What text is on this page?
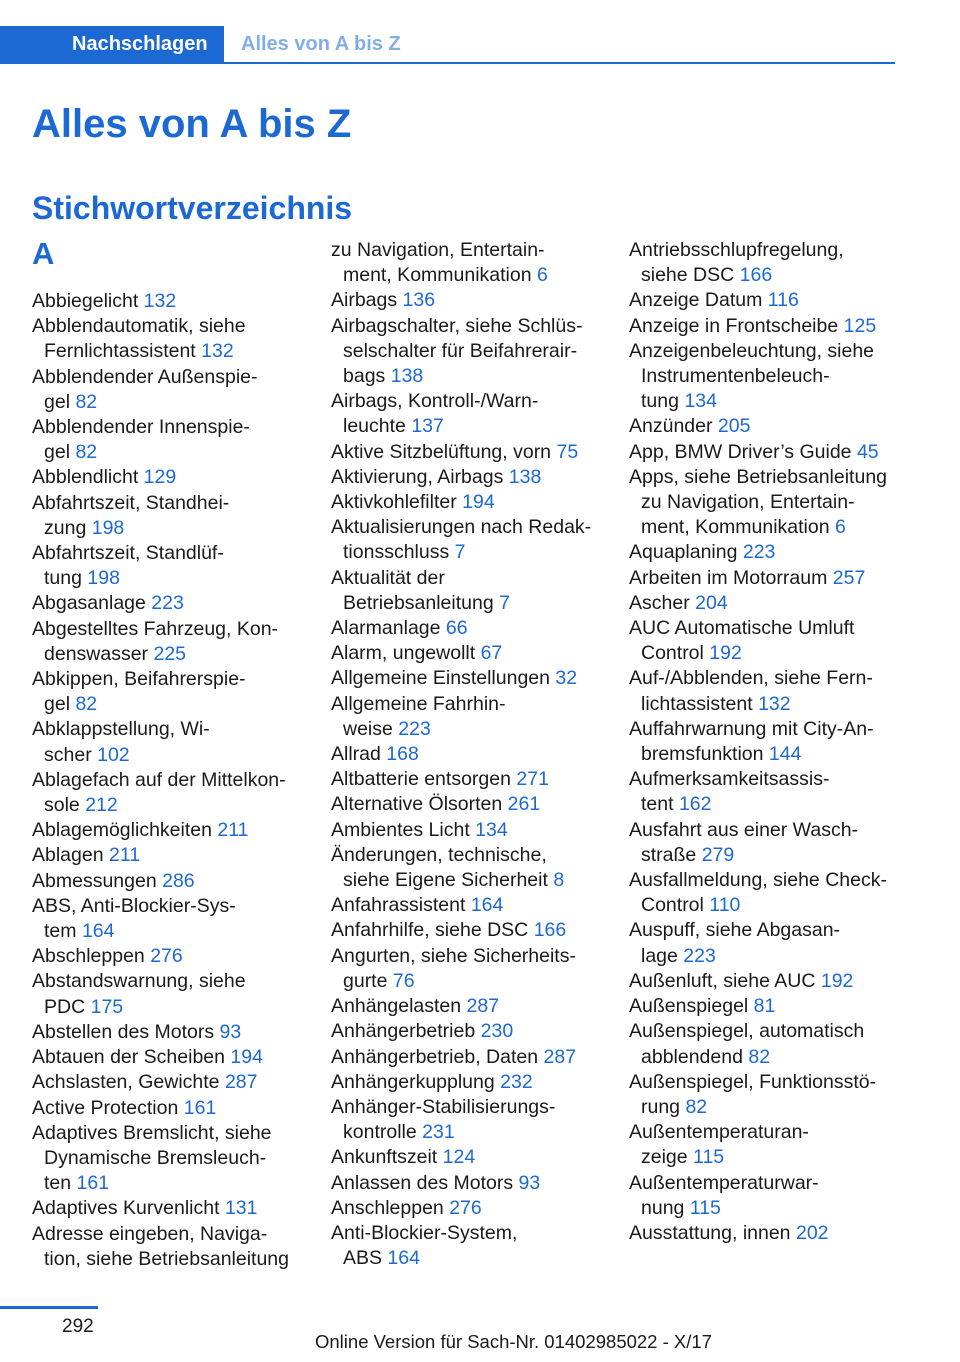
Nachschlagen	Alles von A bis Z
Alles von A bis Z
Stichwortverzeichnis
A
Abbiegelicht 132
Abblendautomatik, siehe
Fernlichtassistent 132
Abblendender Außenspie-
gel 82
Abblendender Innenspie-
gel 82
Abblendlicht 129
Abfahrtszeit, Standhei-
zung 198
Abfahrtszeit, Standlüf-
tung 198
Abgasanlage 223
Abgestelltes Fahrzeug, Kon-
denswasser 225
Abkippen, Beifahrerspie-
gel 82
Abklappstellung, Wi-
scher 102
Ablagefach auf der Mittelkon-
sole 212
Ablagemöglichkeiten 211
Ablagen 211
Abmessungen 286
ABS, Anti-Blockier-Sys-
tem 164
Abschleppen 276
Abstandswarnung, siehe
PDC 175
Abstellen des Motors 93
Abtauen der Scheiben 194
Achslasten, Gewichte 287
Active Protection 161
Adaptives Bremslicht, siehe
Dynamische Bremsleuch-
ten 161
Adaptives Kurvenlicht 131
Adresse eingeben, Naviga-
tion, siehe Betriebsanleitung
zu Navigation, Entertain-
ment, Kommunikation 6
Airbags 136
Airbagschalter, siehe Schlüs-
selschalter für Beifahrerair-
bags 138
Airbags, Kontroll-/Warn-
leuchte 137
Aktive Sitzbelüftung, vorn 75
Aktivierung, Airbags 138
Aktivkohlefilter 194
Aktualisierungen nach Redak-
tionsschluss 7
Aktualität der
Betriebsanleitung 7
Alarmanlage 66
Alarm, ungewollt 67
Allgemeine Einstellungen 32
Allgemeine Fahrhin-
weise 223
Allrad 168
Altbatterie entsorgen 271
Alternative Ölsorten 261
Ambientes Licht 134
Änderungen, technische,
siehe Eigene Sicherheit 8
Anfahrassistent 164
Anfahrhilfe, siehe DSC 166
Angurten, siehe Sicherheits-
gurte 76
Anhängelasten 287
Anhängerbetrieb 230
Anhängerbetrieb, Daten 287
Anhängerkupplung 232
Anhänger-Stabilisierungs-
kontrolle 231
Ankunftszeit 124
Anlassen des Motors 93
Anschleppen 276
Anti-Blockier-System,
ABS 164
Antriebsschlupfregelung,
siehe DSC 166
Anzeige Datum 116
Anzeige in Frontscheibe 125
Anzeigenbeleuchtung, siehe
Instrumentenbeleuch-
tung 134
Anzünder 205
App, BMW Driver’s Guide 45
Apps, siehe Betriebsanleitung
zu Navigation, Entertain-
ment, Kommunikation 6
Aquaplaning 223
Arbeiten im Motorraum 257
Ascher 204
AUC Automatische Umluft
Control 192
Auf-/Abblenden, siehe Fern-
lichtassistent 132
Auffahrwarnung mit City-An-
bremsfunktion 144
Aufmerksamkeitsassis-
tent 162
Ausfahrt aus einer Wasch-
straße 279
Ausfallmeldung, siehe Check-
Control 110
Auspuff, siehe Abgasan-
lage 223
Außenluft, siehe AUC 192
Außenspiegel 81
Außenspiegel, automatisch
abblendend 82
Außenspiegel, Funktionsstö-
rung 82
Außentemperaturan-
zeige 115
Außentemperaturwar-
nung 115
Ausstattung, innen 202
292
Online Version für Sach-Nr. 01402985022 - X/17
